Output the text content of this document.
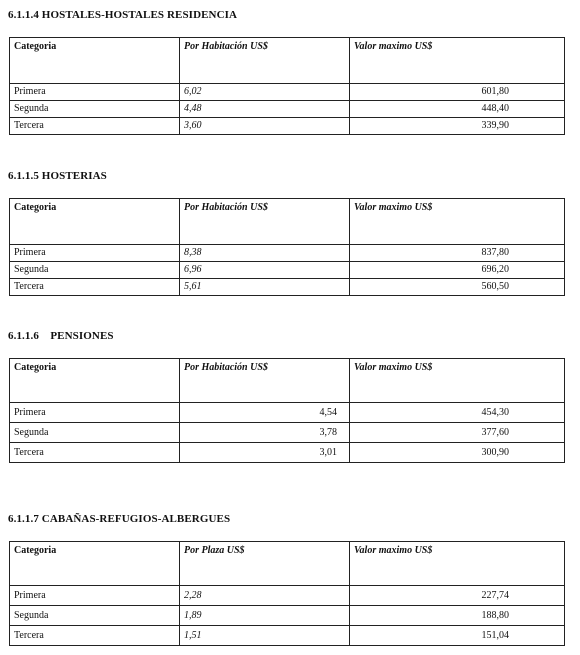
6.1.1.4 HOSTALES-HOSTALES RESIDENCIA
Categoria	Por Habitación US$	Valor maximo US$
Primera	6,02	601,80
Segunda	4,48	448,40
Tercera	3,60	339,90
6.1.1.5 HOSTERIAS
Categoria	Por Habitación US$	Valor maximo US$
Primera	8,38	837,80
Segunda	6,96	696,20
Tercera	5,61	560,50
6.1.1.6    PENSIONES
Categoria	Por Habitación US$	Valor maximo US$
Primera	4,54	454,30
Segunda	3,78	377,60
Tercera	3,01	300,90
6.1.1.7 CABAÑAS-REFUGIOS-ALBERGUES
Categoria	Por Plaza US$	Valor maximo US$
Primera	2,28	227,74
Segunda	1,89	188,80
Tercera	1,51	151,04
